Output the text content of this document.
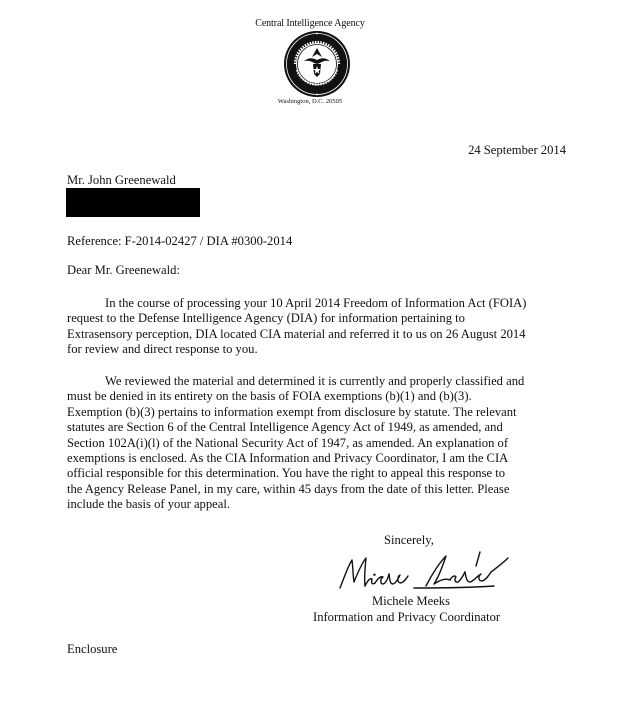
Central Intelligence Agency
Washington, D.C. 20505
24 September 2014
Mr. John Greenewald
Reference: F-2014-02427 / DIA #0300-2014
Dear Mr. Greenewald:
In the course of processing your 10 April 2014 Freedom of Information Act (FOIA)
request to the Defense Intelligence Agency (DIA) for information pertaining to
Extrasensory perception, DIA located CIA material and referred it to us on 26 August 2014
for review and direct response to you.
We reviewed the material and determined it is currently and properly classified and
must be denied in its entirety on the basis of FOIA exemptions (b)(1) and (b)(3).
Exemption (b)(3) pertains to information exempt from disclosure by statute. The relevant
statutes are Section 6 of the Central Intelligence Agency Act of 1949, as amended, and
Section 102A(i)(l) of the National Security Act of 1947, as amended. An explanation of
exemptions is enclosed. As the CIA Information and Privacy Coordinator, I am the CIA
official responsible for this determination. You have the right to appeal this response to
the Agency Release Panel, in my care, within 45 days from the date of this letter. Please
include the basis of your appeal.
Sincerely,
Michele Meeks
Information and Privacy Coordinator
Enclosure
